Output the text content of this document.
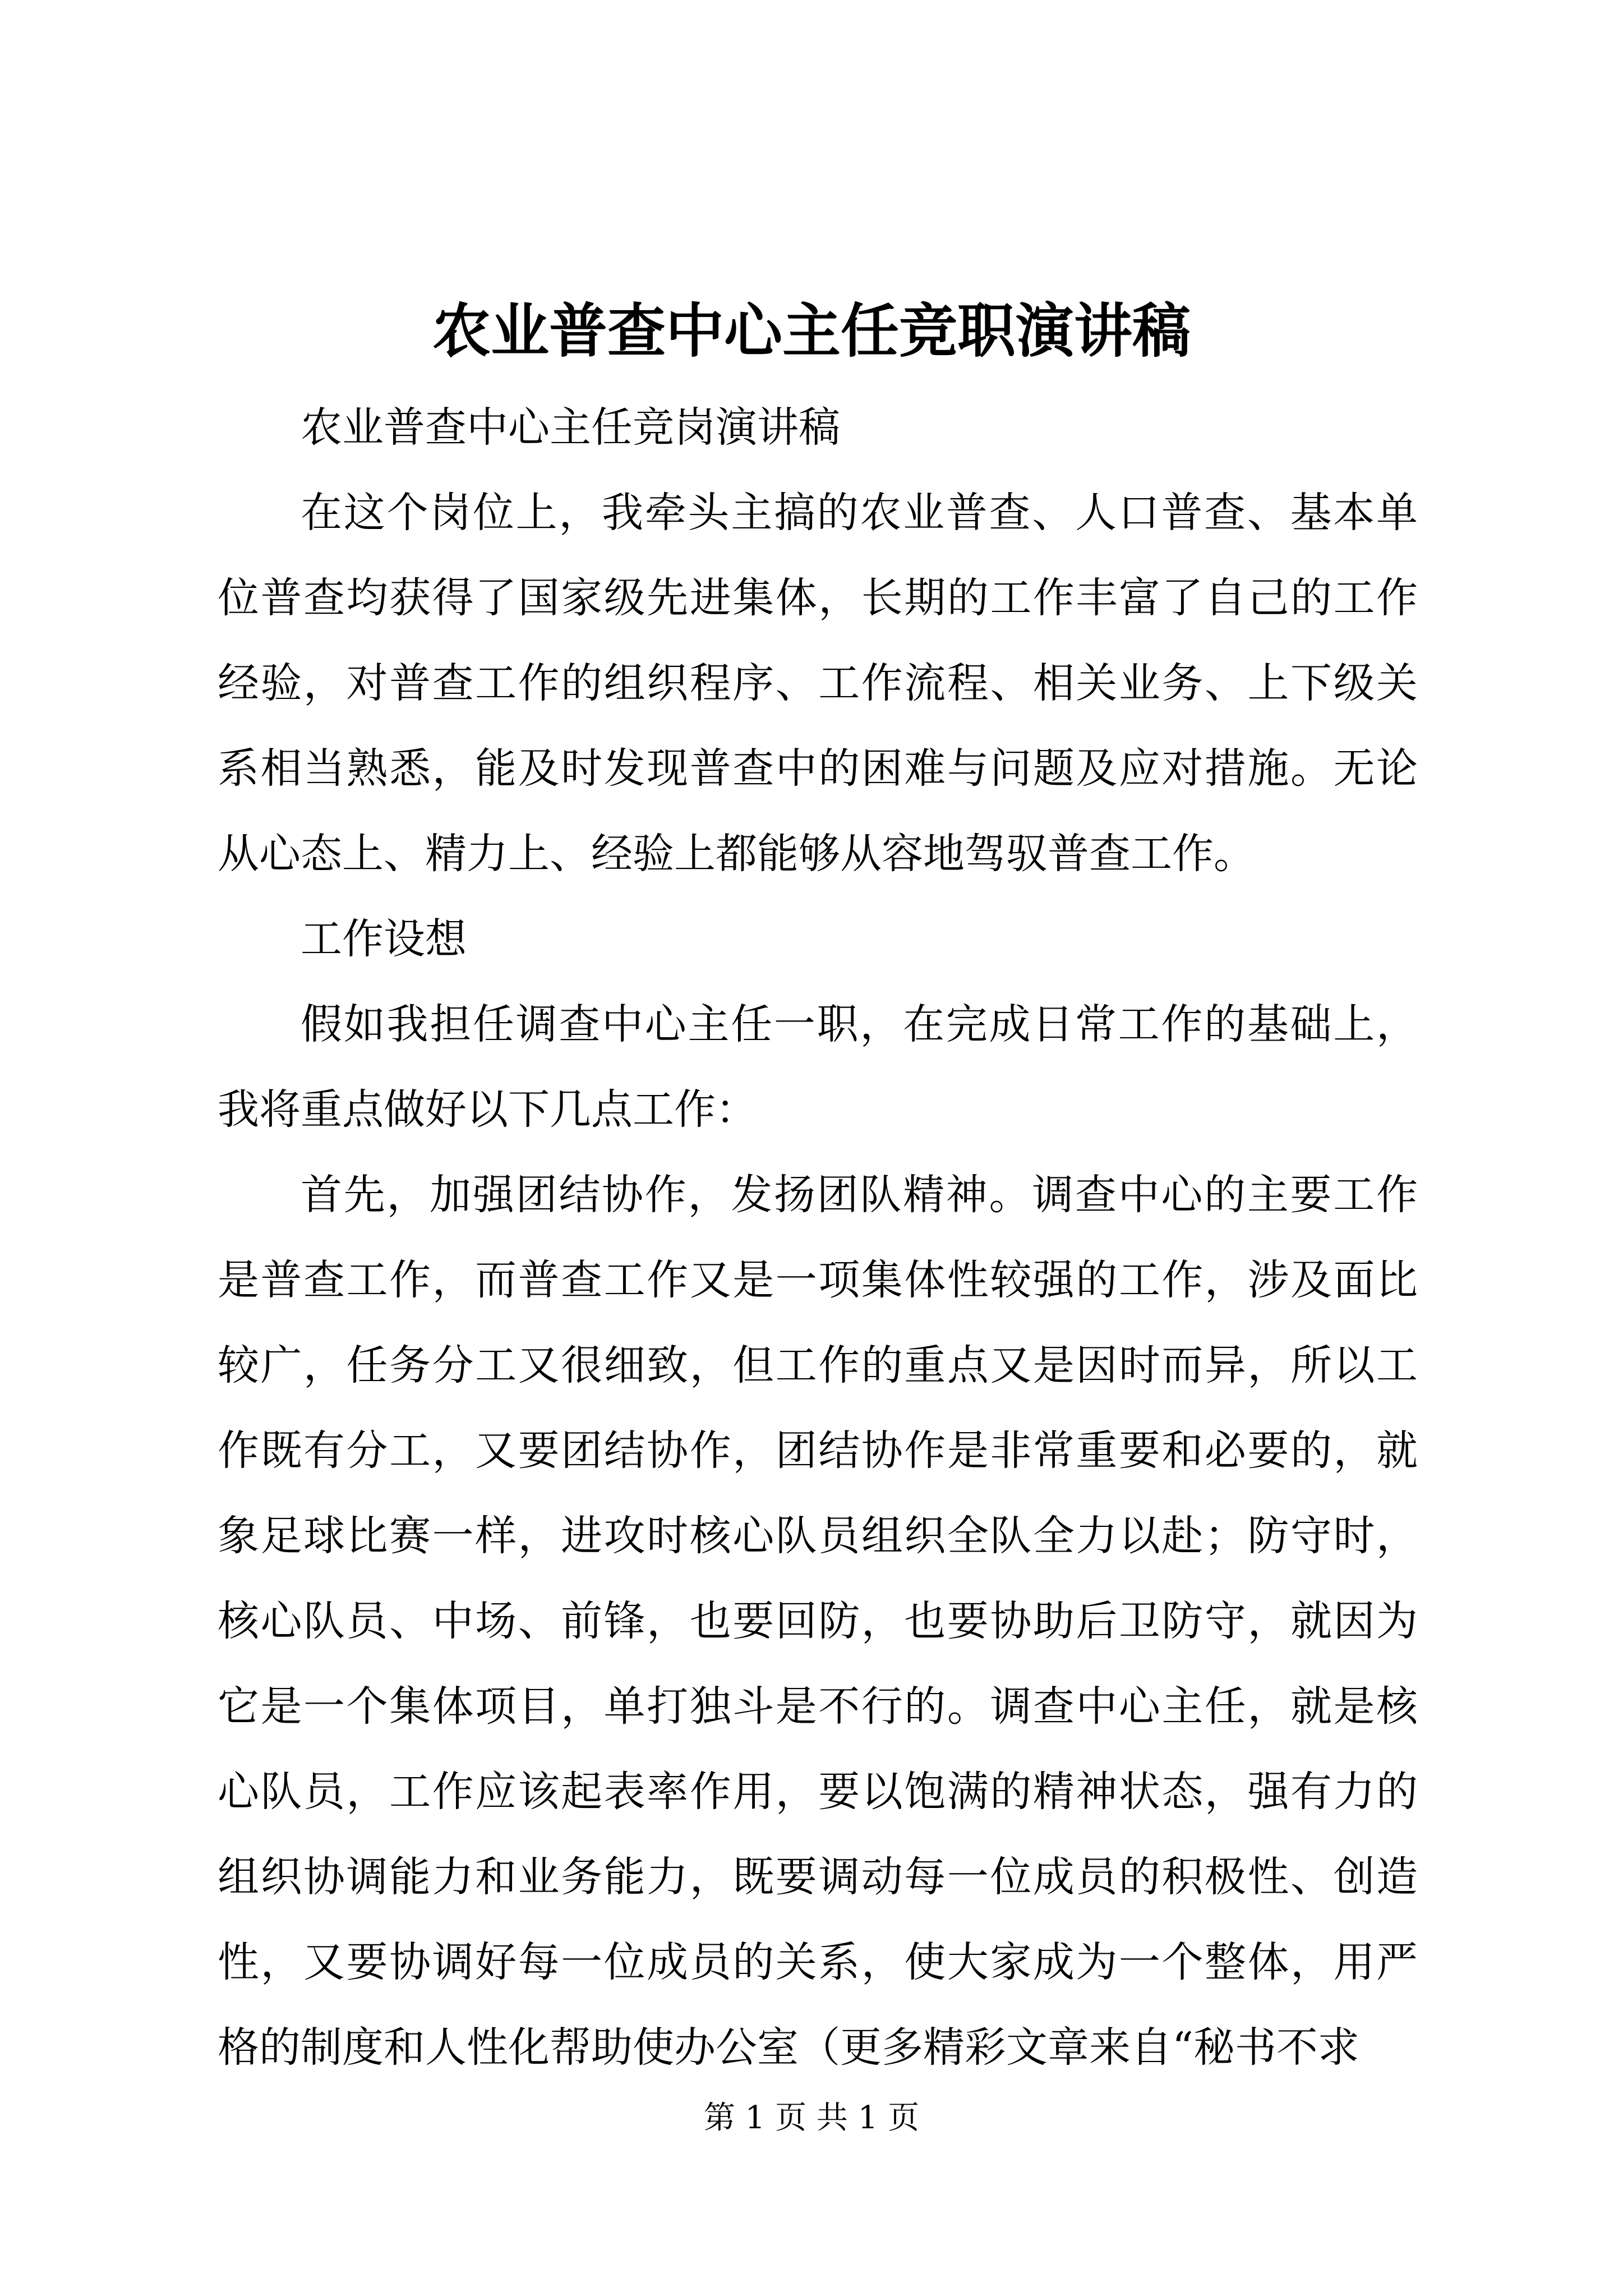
农业普查中心主任竞职演讲稿

农业普查中心主任竞岗演讲稿

在这个岗位上，我牵头主搞的农业普查、人口普查、基本单位普查均获得了国家级先进集体，长期的工作丰富了自己的工作经验，对普查工作的组织程序、工作流程、相关业务、上下级关系相当熟悉，能及时发现普查中的困难与问题及应对措施。无论从心态上、精力上、经验上都能够从容地驾驭普查工作。

工作设想

假如我担任调查中心主任一职，在完成日常工作的基础上，我将重点做好以下几点工作：

首先，加强团结协作，发扬团队精神。调查中心的主要工作是普查工作，而普查工作又是一项集体性较强的工作，涉及面比较广，任务分工又很细致，但工作的重点又是因时而异，所以工作既有分工，又要团结协作，团结协作是非常重要和必要的，就象足球比赛一样，进攻时核心队员组织全队全力以赴；防守时，核心队员、中场、前锋，也要回防，也要协助后卫防守，就因为它是一个集体项目，单打独斗是不行的。调查中心主任，就是核心队员，工作应该起表率作用，要以饱满的精神状态，强有力的组织协调能力和业务能力，既要调动每一位成员的积极性、创造性，又要协调好每一位成员的关系，使大家成为一个整体，用严格的制度和人性化帮助使办公室（更多精彩文章来自“秘书不求

第 1 页 共 1 页
